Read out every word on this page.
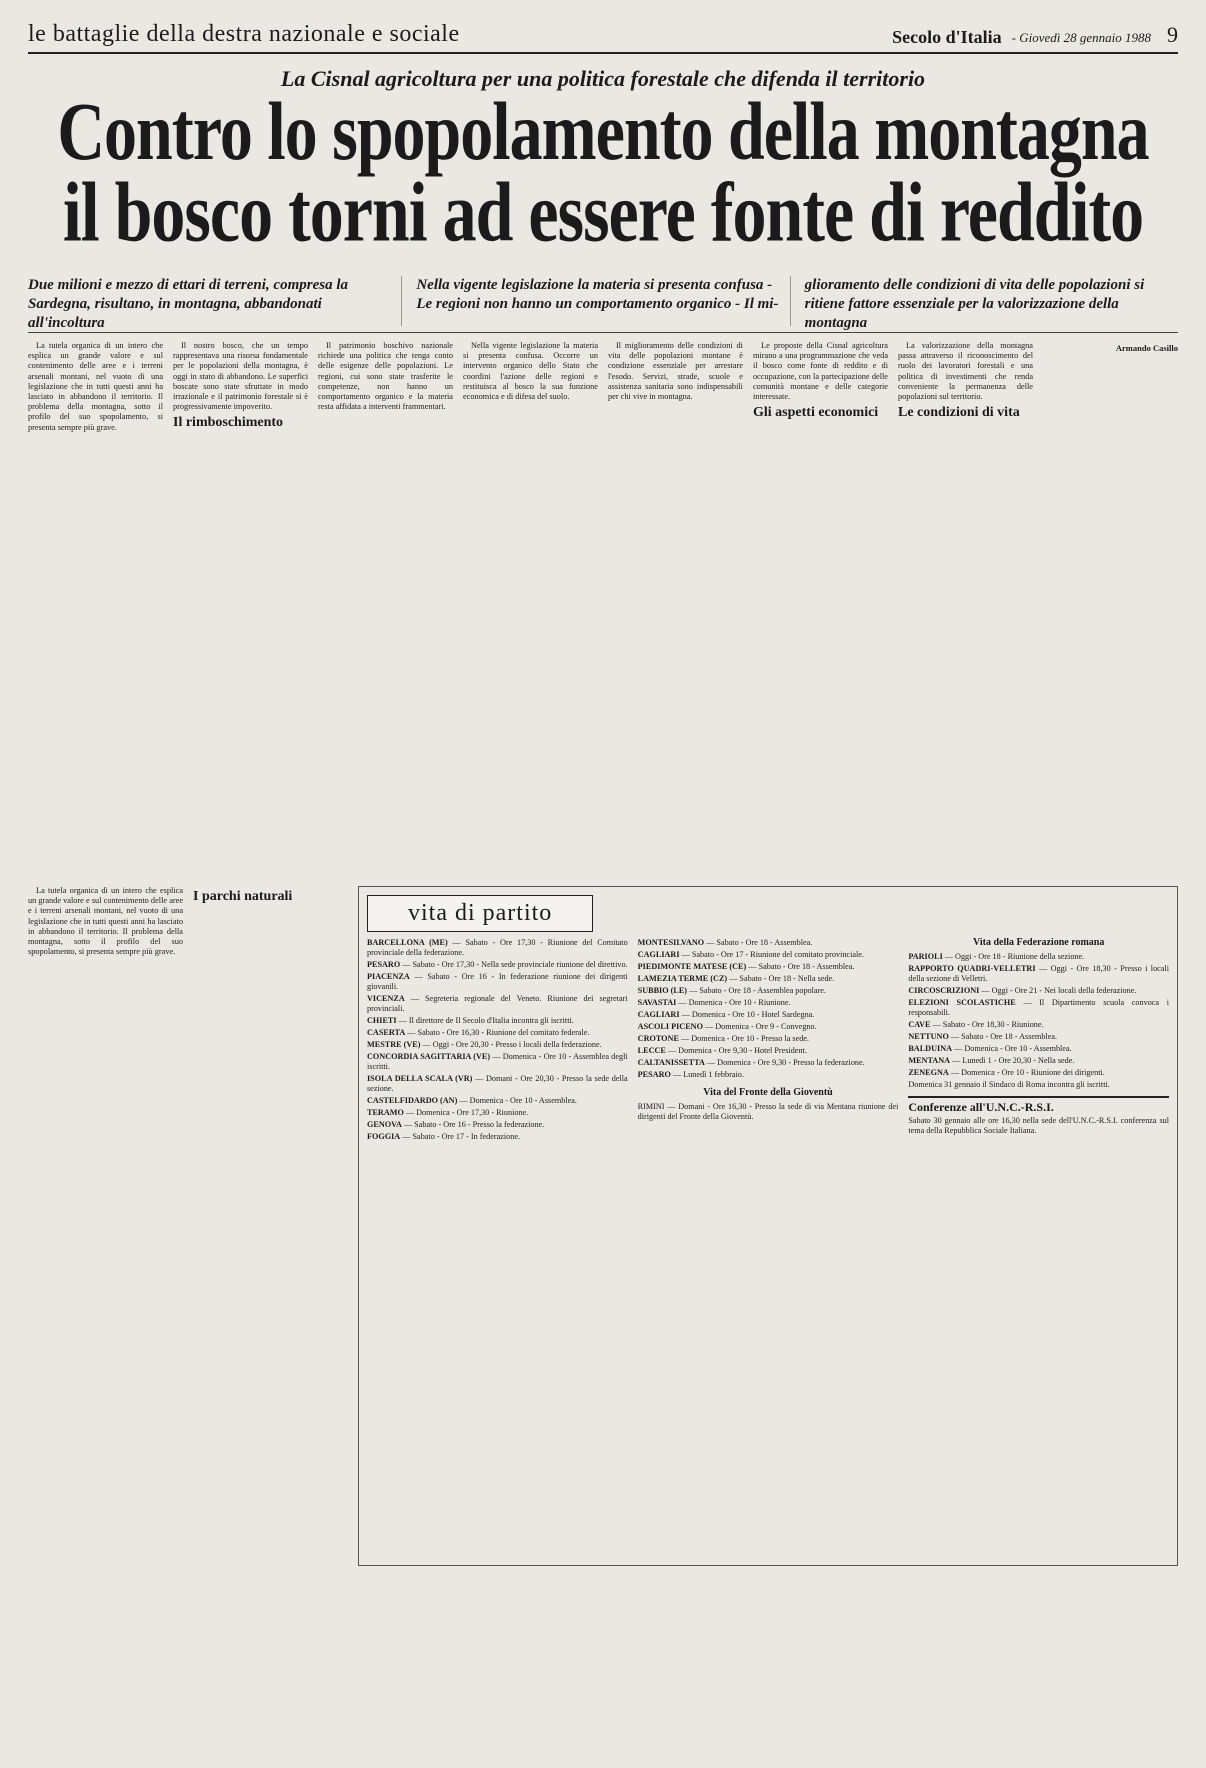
le battaglie della destra nazionale e sociale	Secolo d'Italia - Giovedì 28 gennaio 1988 9
La Cisnal agricoltura per una politica forestale che difenda il territorio
Contro lo spopolamento della montagna
il bosco torni ad essere fonte di reddito
Due milioni e mezzo di ettari di terreni, compresa la Sardegna, risultano, in montagna, abbandonati all'incoltura
Nella vigente legislazione la materia si presenta confusa - Le regioni non hanno un comportamento organico - Il mi-
glioramento delle condizioni di vita delle popolazioni si ritiene fattore essenziale per la valorizzazione della montagna

La tutela organica di un intero che esplica un grande valore e sul contenimento delle aree e i terreni arsenali montani, nel vuoto di una legislazione che in tutti questi anni ha lasciato in abbandono il territorio. Il problema della montagna, sotto il profilo del suo spopolamento, si presenta sempre più grave.

Il nostro bosco, che un tempo rappresentava una risorsa fondamentale per le popolazioni della montagna, è oggi in stato di abbandono. Le superfici boscate sono state sfruttate in modo irrazionale e il patrimonio forestale si è progressivamente impoverito.

Il rimboschimento

Il patrimonio boschivo nazionale richiede una politica che tenga conto delle esigenze delle popolazioni. Le regioni, cui sono state trasferite le competenze, non hanno un comportamento organico e la materia resta affidata a interventi frammentari.

Nella vigente legislazione la materia si presenta confusa. Occorre un intervento organico dello Stato che coordini l'azione delle regioni e restituisca al bosco la sua funzione economica e di difesa del suolo.

Il miglioramento delle condizioni di vita delle popolazioni montane è condizione essenziale per arrestare l'esodo. Servizi, strade, scuole e assistenza sanitaria sono indispensabili per chi vive in montagna.

Le proposte della Cisnal agricoltura mirano a una programmazione che veda il bosco come fonte di reddito e di occupazione, con la partecipazione delle comunità montane e delle categorie interessate.

Gli aspetti economici

La valorizzazione della montagna passa attraverso il riconoscimento del ruolo dei lavoratori forestali e una politica di investimenti che renda conveniente la permanenza delle popolazioni sul territorio.

Le condizioni di vita
Armando Casillo

La tutela organica di un intero che esplica un grande valore e sul contenimento delle aree e i terreni arsenali montani, nel vuoto di una legislazione che in tutti questi anni ha lasciato in abbandono il territorio. Il problema della montagna, sotto il profilo del suo spopolamento, si presenta sempre più grave.

I parchi naturali
vita di partito

BARCELLONA (ME) — Sabato - Ore 17,30 - Riunione del Comitato provinciale della federazione.

PESARO — Sabato - Ore 17,30 - Nella sede provinciale riunione del direttivo.

PIACENZA — Sabato - Ore 16 - In federazione riunione dei dirigenti giovanili.

VICENZA — Segreteria regionale del Veneto. Riunione dei segretari provinciali.

CHIETI — Il direttore de Il Secolo d'Italia incontra gli iscritti.

CASERTA — Sabato - Ore 16,30 - Riunione del comitato federale.

MESTRE (VE) — Oggi - Ore 20,30 - Presso i locali della federazione.

CONCORDIA SAGITTARIA (VE) — Domenica - Ore 10 - Assemblea degli iscritti.

ISOLA DELLA SCALA (VR) — Domani - Ore 20,30 - Presso la sede della sezione.

CASTELFIDARDO (AN) — Domenica - Ore 10 - Assemblea.

TERAMO — Domenica - Ore 17,30 - Riunione.

GENOVA — Sabato - Ore 16 - Presso la federazione.

FOGGIA — Sabato - Ore 17 - In federazione.

MONTESILVANO — Sabato - Ore 18 - Assemblea.

CAGLIARI — Sabato - Ore 17 - Riunione del comitato provinciale.

PIEDIMONTE MATESE (CE) — Sabato - Ore 18 - Assemblea.

LAMEZIA TERME (CZ) — Sabato - Ore 18 - Nella sede.

SUBBIO (LE) — Sabato - Ore 18 - Assemblea popolare.

SAVASTAI — Domenica - Ore 10 - Riunione.

CAGLIARI — Domenica - Ore 10 - Hotel Sardegna.

ASCOLI PICENO — Domenica - Ore 9 - Convegno.

CROTONE — Domenica - Ore 10 - Presso la sede.

LECCE — Domenica - Ore 9,30 - Hotel President.

CALTANISSETTA — Domenica - Ore 9,30 - Presso la federazione.

PESARO — Lunedì 1 febbraio.

Vita del Fronte della Gioventù

RIMINI — Domani - Ore 16,30 - Presso la sede di via Mentana riunione dei dirigenti del Fronte della Gioventù.

Vita della Federazione romana

PARIOLI — Oggi - Ore 18 - Riunione della sezione.

RAPPORTO QUADRI-VELLETRI — Oggi - Ore 18,30 - Presso i locali della sezione di Velletri.

CIRCOSCRIZIONI — Oggi - Ore 21 - Nei locali della federazione.

ELEZIONI SCOLASTICHE — Il Dipartimento scuola convoca i responsabili.

CAVE — Sabato - Ore 18,30 - Riunione.

NETTUNO — Sabato - Ore 18 - Assemblea.

BALDUINA — Domenica - Ore 10 - Assemblea.

MENTANA — Lunedì 1 - Ore 20,30 - Nella sede.

ZENEGNA — Domenica - Ore 10 - Riunione dei dirigenti.

Domenica 31 gennaio il Sindaco di Roma incontra gli iscritti.

Conferenze all'U.N.C.-R.S.I.

Sabato 30 gennaio alle ore 16,30 nella sede dell'U.N.C.-R.S.I. conferenza sul tema della Repubblica Sociale Italiana.
